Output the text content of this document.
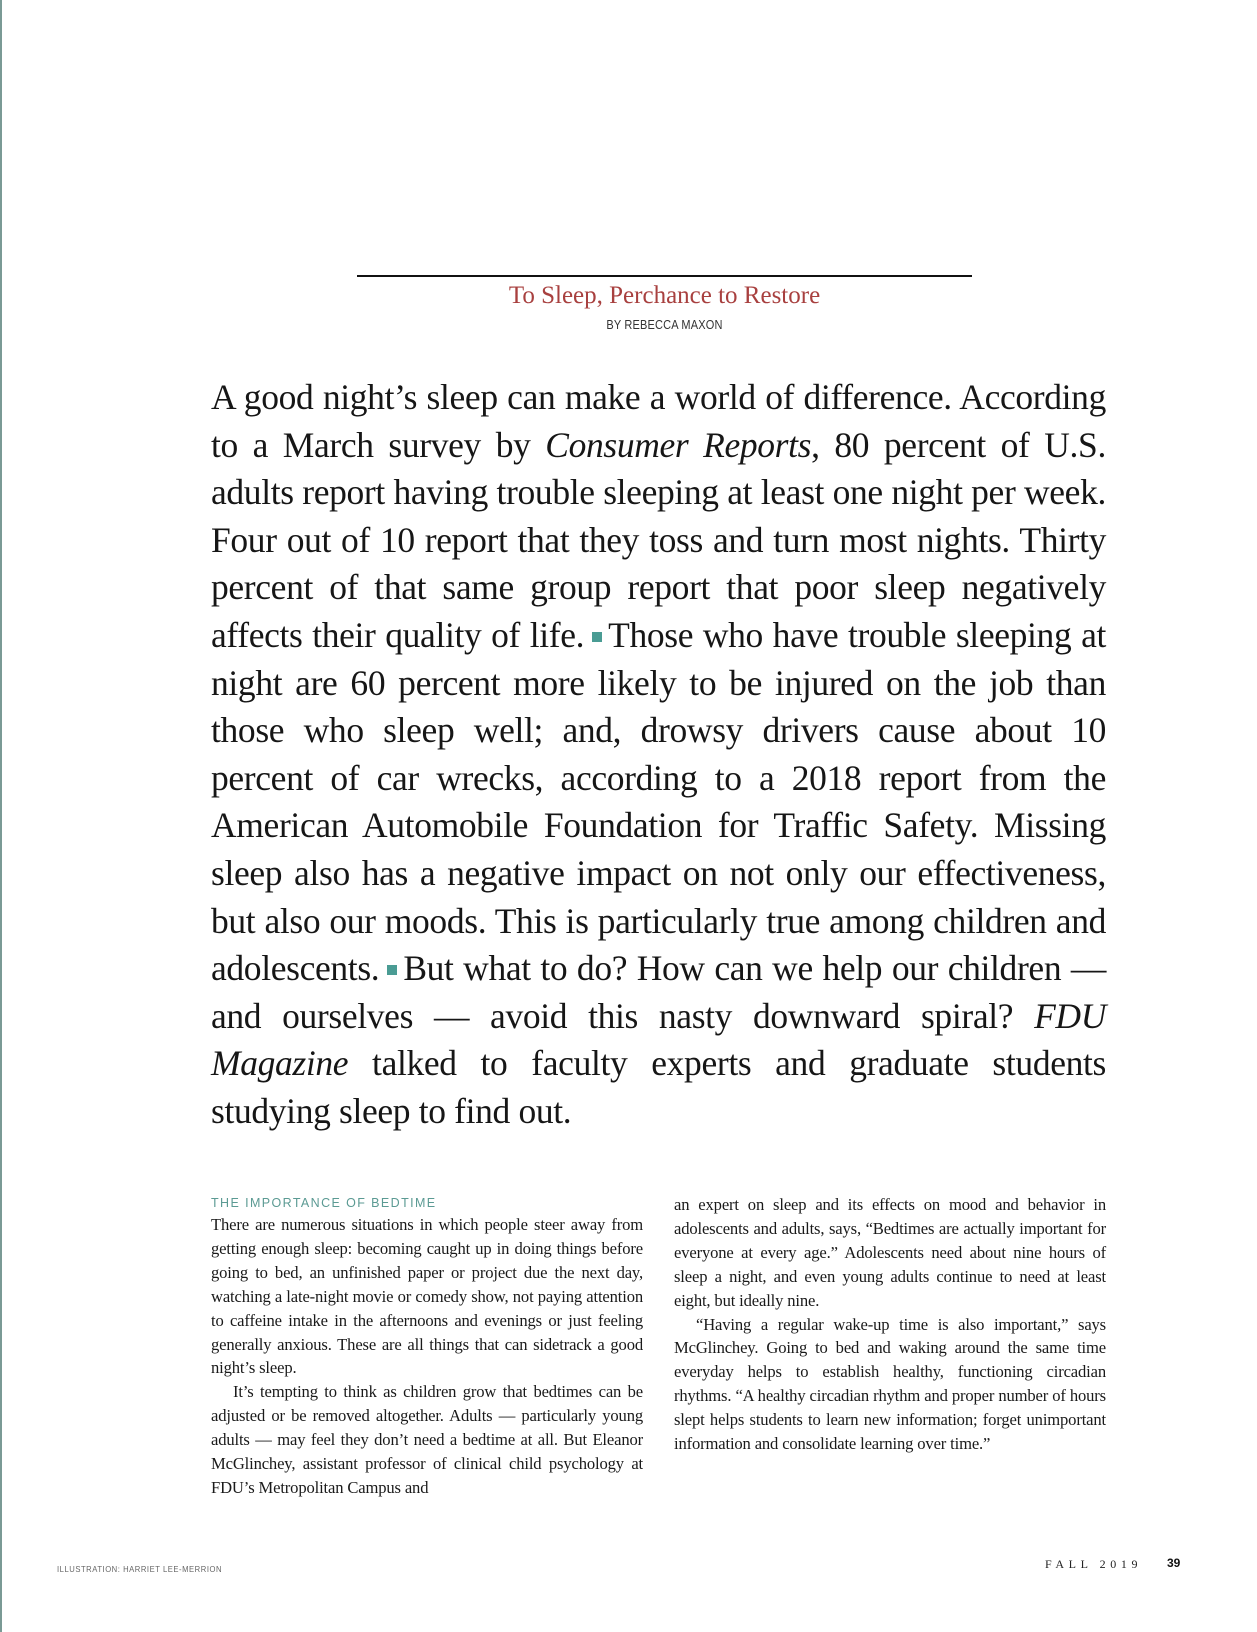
To Sleep, Perchance to Restore
BY REBECCA MAXON
A good night’s sleep can make a world of difference. According to a March survey by Consumer Reports, 80 percent of U.S. adults report having trouble sleeping at least one night per week. Four out of 10 report that they toss and turn most nights. Thirty percent of that same group report that poor sleep negatively affects their quality of life. Those who have trouble sleeping at night are 60 percent more likely to be injured on the job than those who sleep well; and, drowsy drivers cause about 10 percent of car wrecks, according to a 2018 report from the American Automobile Foundation for Traffic Safety. Missing sleep also has a negative impact on not only our effectiveness, but also our moods. This is particularly true among children and adolescents. But what to do? How can we help our children — and ourselves — avoid this nasty downward spiral? FDU Magazine talked to faculty experts and graduate students studying sleep to find out.
THE IMPORTANCE OF BEDTIME

There are numerous situations in which people steer away from getting enough sleep: becoming caught up in doing things before going to bed, an unfinished paper or project due the next day, watching a late-night movie or comedy show, not paying attention to caffeine intake in the afternoons and evenings or just feeling generally anxious. These are all things that can sidetrack a good night’s sleep.

It’s tempting to think as children grow that bedtimes can be adjusted or be removed altogether. Adults — particularly young adults — may feel they don’t need a bedtime at all. But Eleanor McGlinchey, assistant professor of clinical child psychology at FDU’s Metropolitan Campus and

an expert on sleep and its effects on mood and behavior in adolescents and adults, says, “Bedtimes are actually important for everyone at every age.” Adolescents need about nine hours of sleep a night, and even young adults continue to need at least eight, but ideally nine.

“Having a regular wake-up time is also important,” says McGlinchey. Going to bed and waking around the same time everyday helps to establish healthy, functioning circadian rhythms. “A healthy circadian rhythm and proper number of hours slept helps students to learn new information; forget unimportant information and consolidate learning over time.”

ILLUSTRATION: HARRIET LEE-MERRION	FALL 2019 39
